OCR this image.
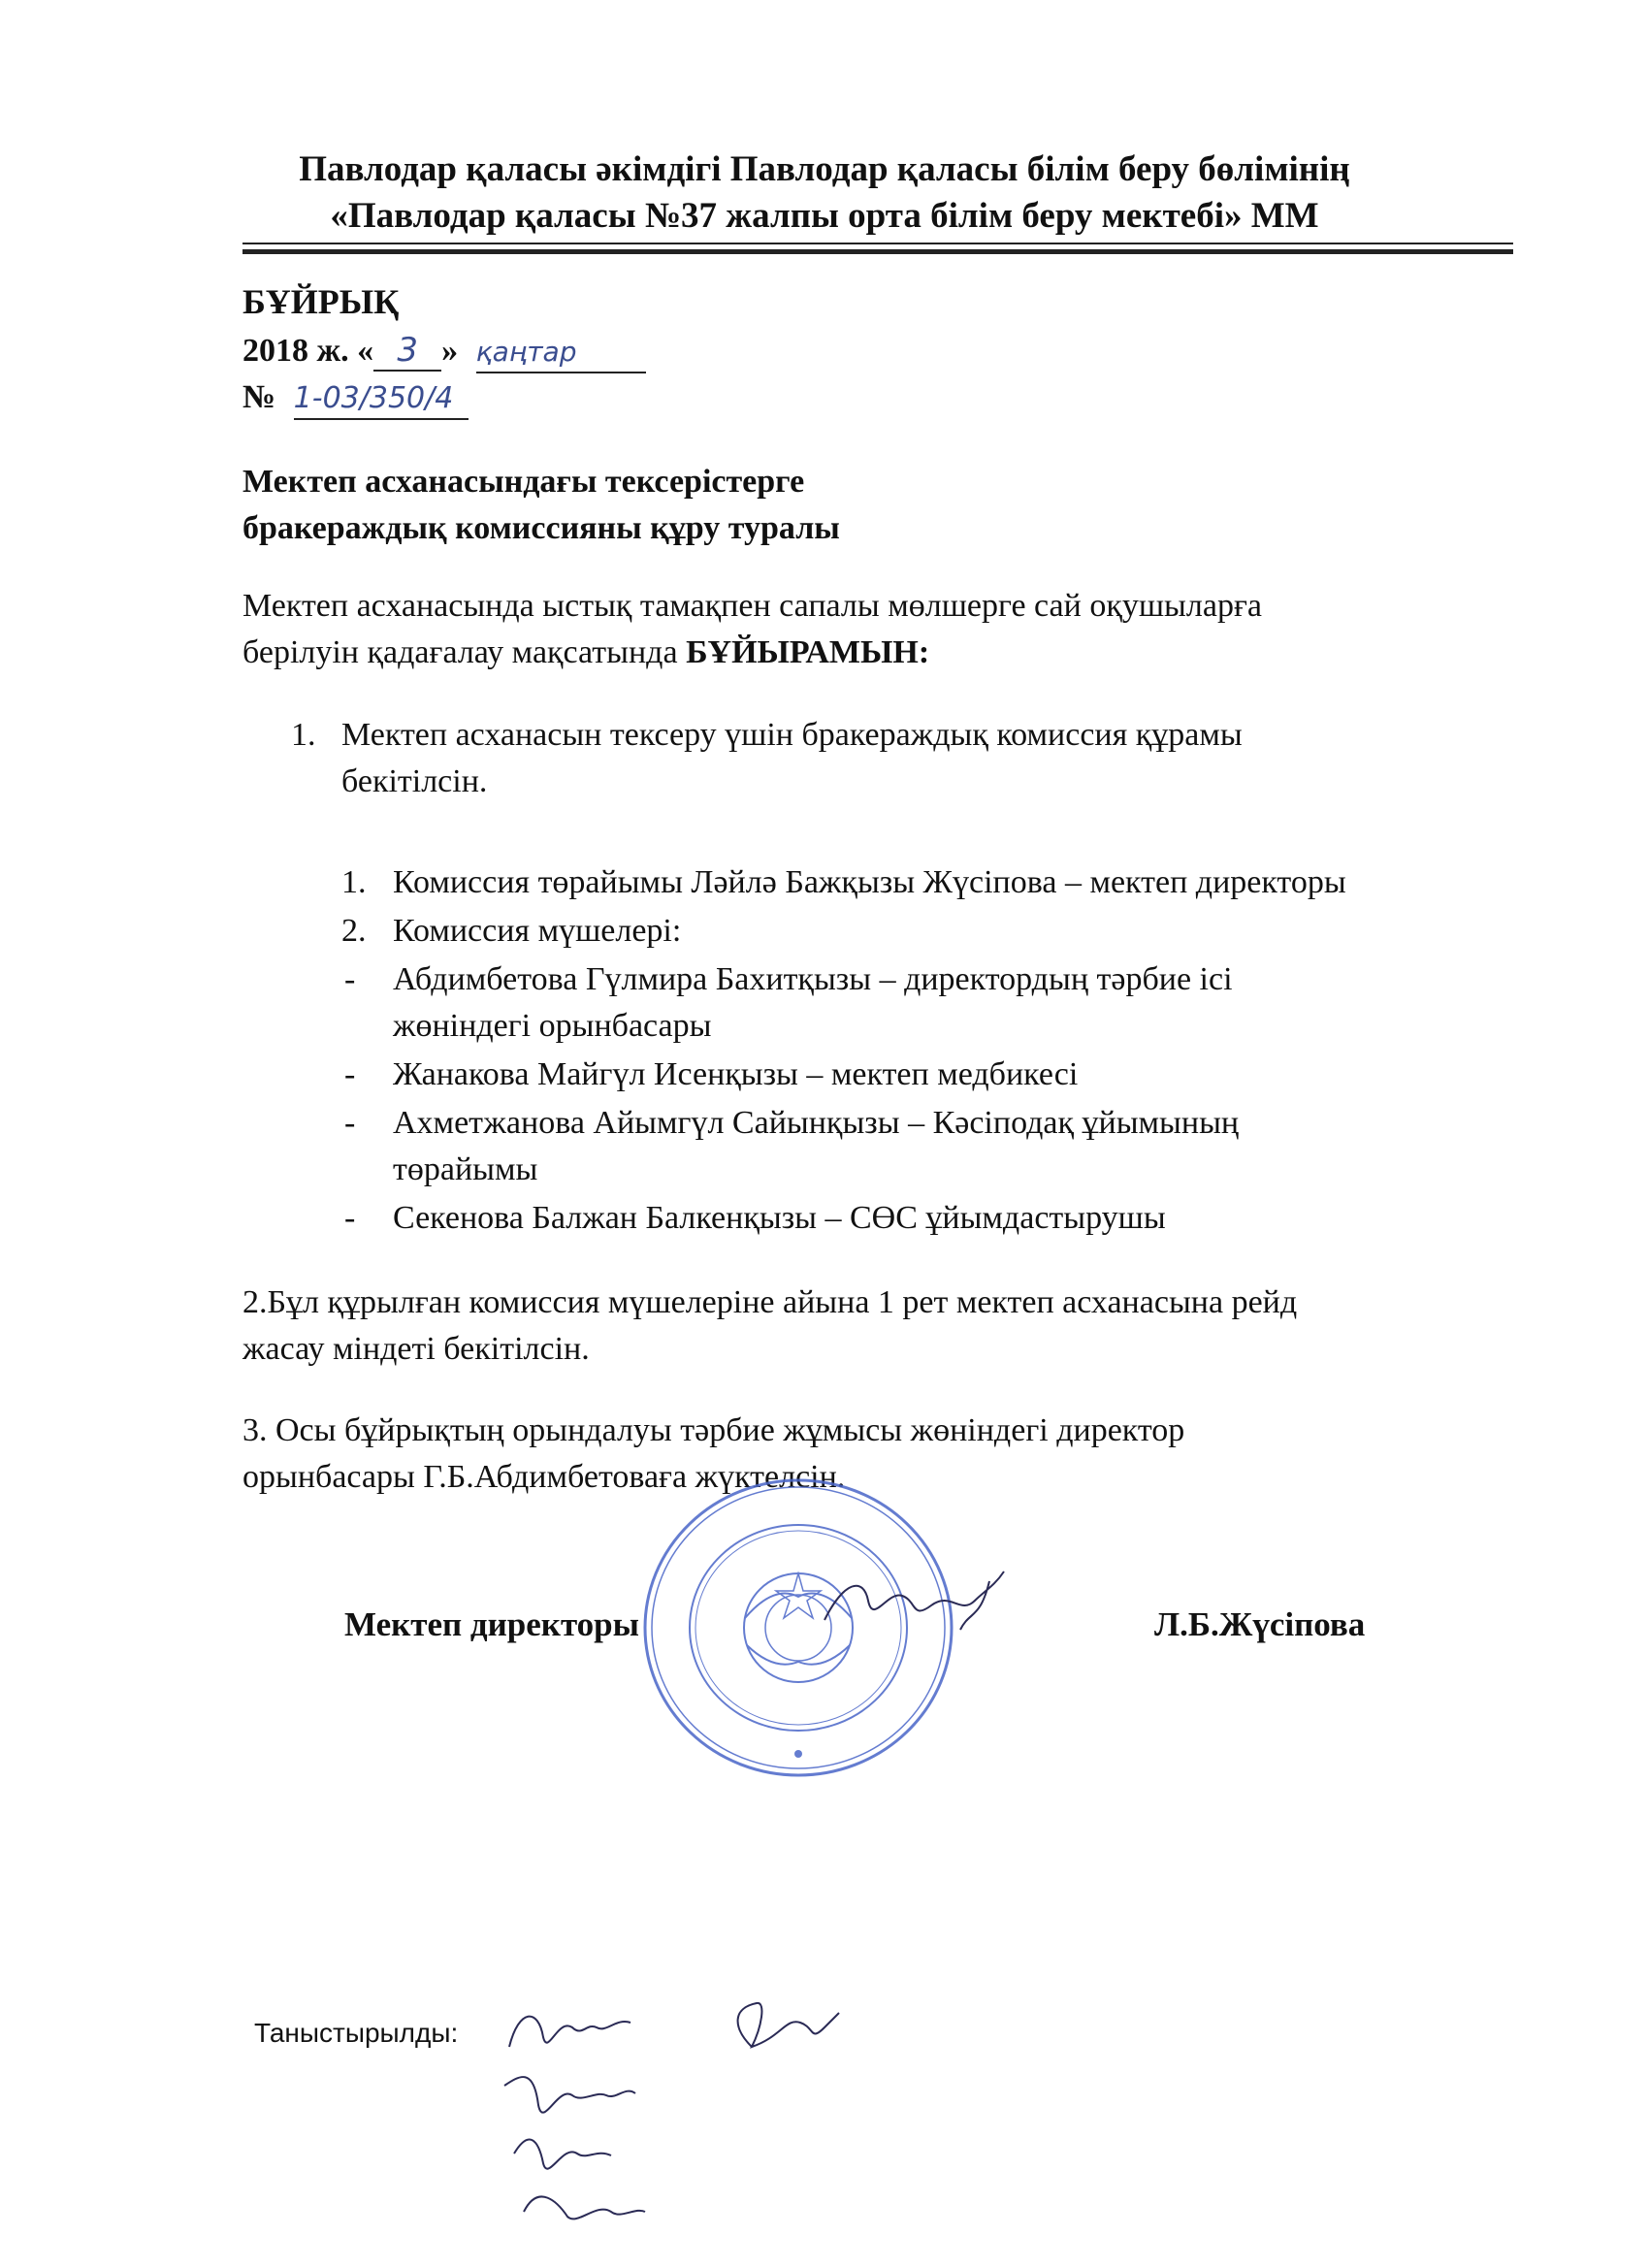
Павлодар қаласы әкімдігі Павлодар қаласы білім беру бөлімінің
«Павлодар қаласы №37 жалпы орта білім беру мектебі» ММ
БҰЙРЫҚ
2018 ж. « 3 » қаңтар
№ 1-03/350/4
Мектеп асханасындағы тексерістерге
бракераждық комиссияны құру туралы
Мектеп асханасында ыстық тамақпен сапалы мөлшерге сай оқушыларға
берілуін қадағалау мақсатында БҰЙЫРАМЫН:
1. Мектеп асханасын тексеру үшін бракераждық комиссия құрамы
бекітілсін.
1. Комиссия төрайымы Ләйлә Бажқызы Жүсіпова – мектеп директоры
2. Комиссия мүшелері:
- Абдимбетова Гүлмира Бахитқызы – директордың тәрбие ісі
жөніндегі орынбасары
- Жанакова Майгүл Исенқызы – мектеп медбикесі
- Ахметжанова Айымгүл Сайынқызы – Кәсіподақ ұйымының
төрайымы
- Секенова Балжан Балкенқызы – СӨС ұйымдастырушы
2.Бұл құрылған комиссия мүшелеріне айына 1 рет мектеп асханасына рейд
жасау міндеті бекітілсін.
3. Осы бұйрықтың орындалуы тәрбие жұмысы жөніндегі директор
орынбасары Г.Б.Абдимбетоваға жүктелсін.
Мектеп директоры	Л.Б.Жүсіпова
Таныстырылды:
